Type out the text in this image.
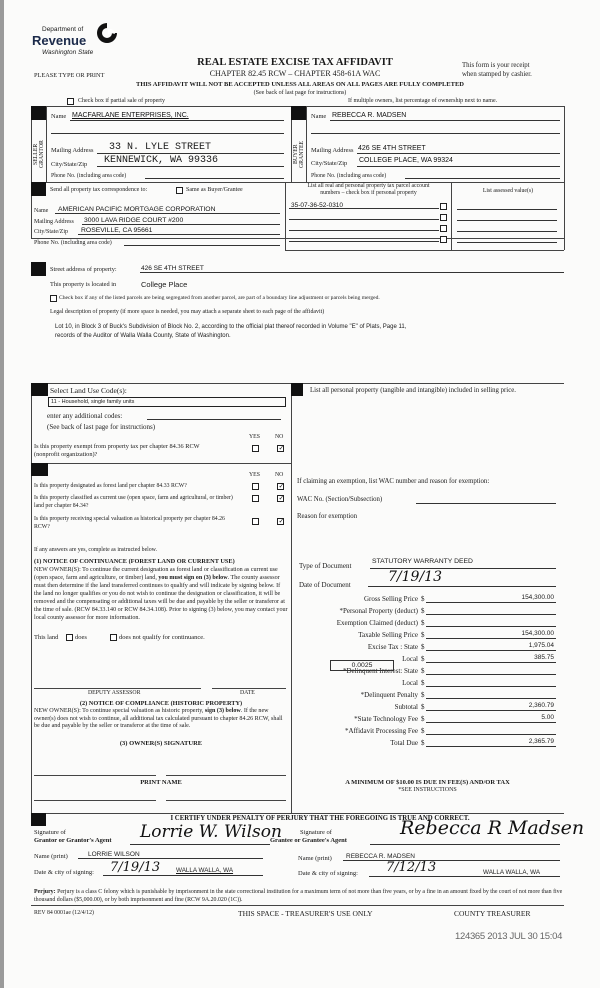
Department of
Revenue
Washington State
REAL ESTATE EXCISE TAX AFFIDAVIT
CHAPTER 82.45 RCW – CHAPTER 458-61A WAC
PLEASE TYPE OR PRINT
This form is your receipt
when stamped by cashier.
THIS AFFIDAVIT WILL NOT BE ACCEPTED UNLESS ALL AREAS ON ALL PAGES ARE FULLY COMPLETED
(See back of last page for instructions)
Check box if partial sale of property	If multiple owners, list percentage of ownership next to name.
SELLER
GRANTOR
Name MACFARLANE ENTERPRISES, INC.
Mailing Address 33 N. LYLE STREET
City/State/Zip KENNEWICK, WA 99336
Phone No. (including area code)
BUYER
GRANTEE
Name REBECCA R. MADSEN
Mailing Address 426 SE 4TH STREET
City/State/Zip COLLEGE PLACE, WA 99324
Phone No. (including area code)
Send all property tax correspondence to:	Same as Buyer/Grantee
Name AMERICAN PACIFIC MORTGAGE CORPORATION
Mailing Address 3000 LAVA RIDGE COURT #200
City/State/Zip ROSEVILLE, CA 95661
Phone No. (including area code)
List all real and personal property tax parcel account
numbers – check box if personal property	List assessed value(s)
35-07-36-52-0310
Street address of property:	426 SE 4TH STREET
This property is located in	College Place
Check box if any of the listed parcels are being segregated from another parcel, are part of a boundary line adjustment or parcels being merged.
Legal description of property (if more space is needed, you may attach a separate sheet to each page of the affidavit)
Lot 10, in Block 3 of Buck's Subdivision of Block No. 2, according to the official plat thereof recorded in Volume "E" of Plats, Page 11,
records of the Auditor of Walla Walla County, State of Washington.
Select Land Use Code(s):
11 - Household, single family units
enter any additional codes:
(See back of last page for instructions)
YES	NO
Is this property exempt from property tax per chapter 84.36 RCW (nonprofit organization)?
✓
YES	NO
Is this property designated as forest land per chapter 84.33 RCW?
✓
Is this property classified as current use (open space, farm and agricultural, or timber) land per chapter 84.34?
✓
Is this property receiving special valuation as historical property per chapter 84.26 RCW?
✓
If any answers are yes, complete as instructed below.
(1) NOTICE OF CONTINUANCE (FOREST LAND OR CURRENT USE)
NEW OWNER(S): To continue the current designation as forest land or classification as current use (open space, farm and agriculture, or timber) land, you must sign on (3) below. The county assessor must then determine if the land transferred continues to qualify and will indicate by signing below. If the land no longer qualifies or you do not wish to continue the designation or classification, it will be removed and the compensating or additional taxes will be due and payable by the seller or transferor at the time of sale. (RCW 84.33.140 or RCW 84.34.108). Prior to signing (3) below, you may contact your local county assessor for more information.
This land	does	does not qualify for continuance.
DEPUTY ASSESSOR	DATE
(2) NOTICE OF COMPLIANCE (HISTORIC PROPERTY)
NEW OWNER(S): To continue special valuation as historic property, sign (3) below. If the new owner(s) does not wish to continue, all additional tax calculated pursuant to chapter 84.26 RCW, shall be due and payable by the seller or transferor at the time of sale.
(3) OWNER(S) SIGNATURE
PRINT NAME
List all personal property (tangible and intangible) included in selling price.
If claiming an exemption, list WAC number and reason for exemption:
WAC No. (Section/Subsection)
Reason for exemption
Type of Document
STATUTORY WARRANTY DEED
Date of Document	7/19/13
Gross Selling Price $	154,300.00
*Personal Property (deduct) $
Exemption Claimed (deduct) $
Taxable Selling Price $	154,300.00
Excise Tax : State $	1,975.04
Local $	385.75
*Delinquent Interest: State $
Local $
*Delinquent Penalty $
Subtotal $	2,360.79
*State Technology Fee $	5.00
*Affidavit Processing Fee $
Total Due $	2,365.79
0.0025
A MINIMUM OF $10.00 IS DUE IN FEE(S) AND/OR TAX
*SEE INSTRUCTIONS
I CERTIFY UNDER PENALTY OF PERJURY THAT THE FOREGOING IS TRUE AND CORRECT.
Signature of
Grantor or Grantor's Agent Lorrie W. Wilson
Name (print)	LORRIE WILSON
Date & city of signing: 7/19/13	WALLA WALLA, WA
Signature of
Grantee or Grantee's Agent
Rebecca R Madsen
Name (print) REBECCA R. MADSEN
Date & city of signing: 7/12/13	WALLA WALLA, WA
Perjury: Perjury is a class C felony which is punishable by imprisonment in the state correctional institution for a maximum term of not more than five years, or by a fine in an amount fixed by the court of not more than five thousand dollars ($5,000.00), or by both imprisonment and fine (RCW 9A.20.020 (1C)).
REV 84 0001ae (12/4/12)	THIS SPACE - TREASURER'S USE ONLY	COUNTY TREASURER
124365 2013 JUL 30 15:04
